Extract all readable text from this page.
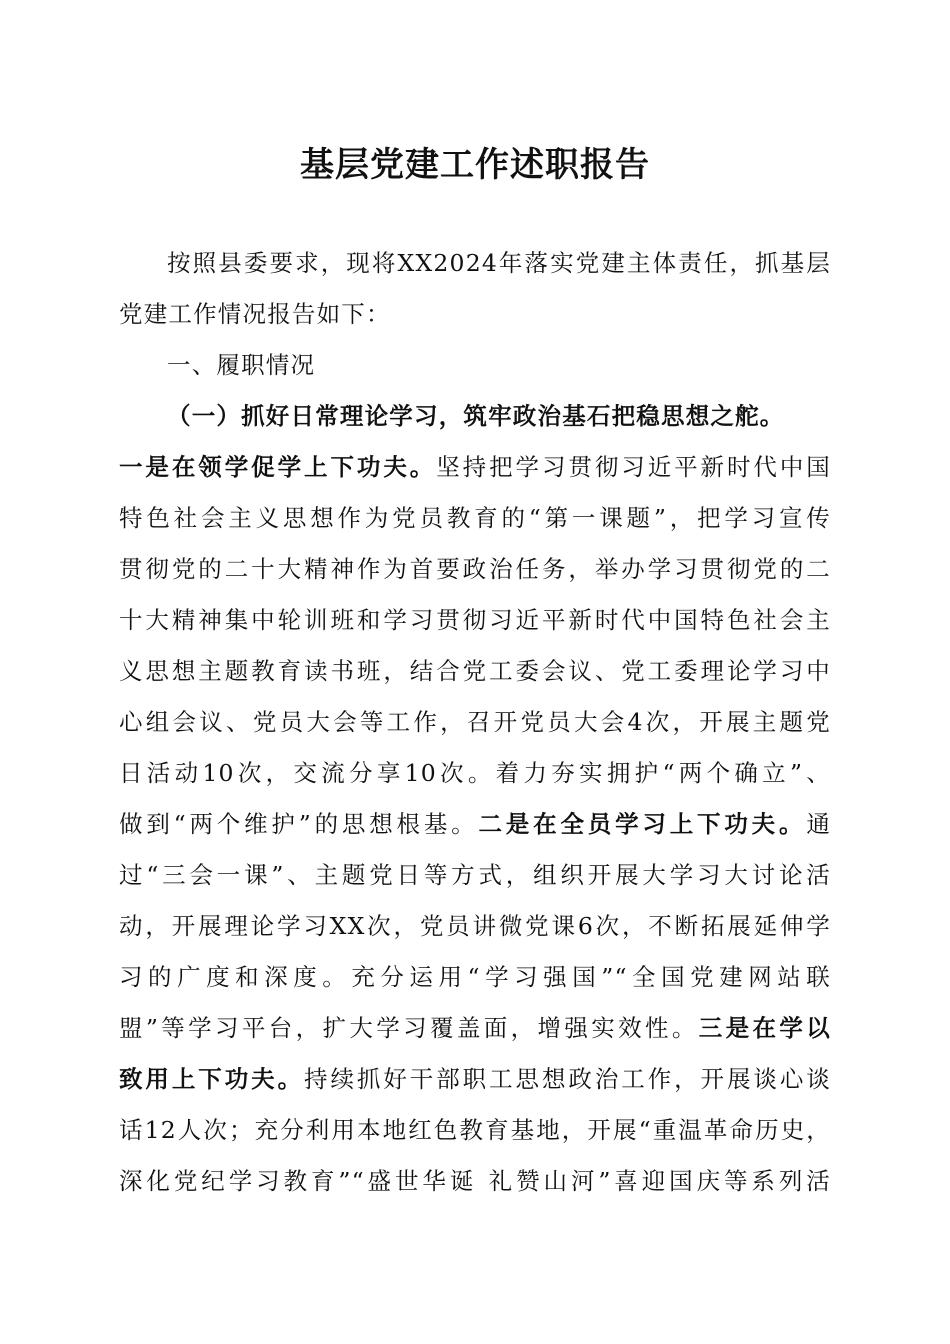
基层党建工作述职报告
按照县委要求，现将XX2024年落实党建主体责任，抓基层
党建工作情况报告如下：
一、履职情况
（一）抓好日常理论学习，筑牢政治基石把稳思想之舵。
一是在领学促学上下功夫。坚持把学习贯彻习近平新时代中国
特色社会主义思想作为党员教育的“第一课题”，把学习宣传
贯彻党的二十大精神作为首要政治任务，举办学习贯彻党的二
十大精神集中轮训班和学习贯彻习近平新时代中国特色社会主
义思想主题教育读书班，结合党工委会议、党工委理论学习中
心组会议、党员大会等工作，召开党员大会4次，开展主题党
日活动10次，交流分享10次。着力夯实拥护“两个确立”、
做到“两个维护”的思想根基。二是在全员学习上下功夫。通
过“三会一课”、主题党日等方式，组织开展大学习大讨论活
动，开展理论学习XX次，党员讲微党课6次，不断拓展延伸学
习的广度和深度。充分运用“学习强国”“全国党建网站联
盟”等学习平台，扩大学习覆盖面，增强实效性。三是在学以
致用上下功夫。持续抓好干部职工思想政治工作，开展谈心谈
话12人次；充分利用本地红色教育基地，开展“重温革命历史，
深化党纪学习教育”“盛世华诞 礼赞山河”喜迎国庆等系列活
